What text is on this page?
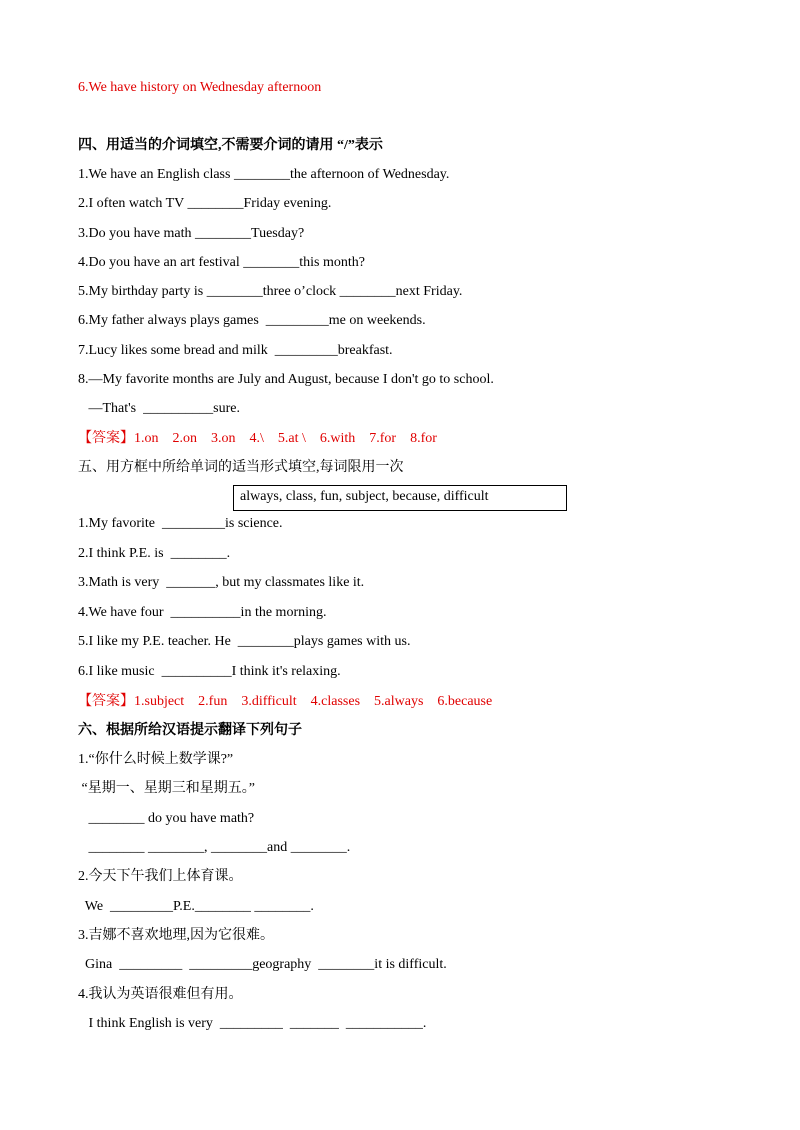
6.We have history on Wednesday afternoon
四、用适当的介词填空,不需要介词的请用 “/”表示
1.We have an English class ________the afternoon of Wednesday.
2.I often watch TV ________Friday evening.
3.Do you have math ________Tuesday?
4.Do you have an art festival ________this month?
5.My birthday party is ________three o’clock ________next Friday.
6.My father always plays games  _________me on weekends.
7.Lucy likes some bread and milk  _________breakfast.
8.—My favorite months are July and August, because I don't go to school.
—That's  __________sure.
【答案】1.on    2.on    3.on    4.\    5.at \    6.with    7.for    8.for
五、用方框中所给单词的适当形式填空,每词限用一次
always, class, fun, subject, because, difficult
1.My favorite  _________is science.
2.I think P.E. is  ________.
3.Math is very  _______, but my classmates like it.
4.We have four  __________in the morning.
5.I like my P.E. teacher. He  ________plays games with us.
6.I like music  __________I think it's relaxing.
【答案】1.subject    2.fun    3.difficult    4.classes    5.always    6.because
六、根据所给汉语提示翻译下列句子
1.“你什么时候上数学课?”
“星期一、星期三和星期五。”
________ do you have math?
________ ________, ________and ________.
2.今天下午我们上体育课。
We  _________P.E.________ ________.
3.吉娜不喜欢地理,因为它很难。
Gina  _________  _________geography  ________it is difficult.
4.我认为英语很难但有用。
I think English is very  _________  _______  ___________.
